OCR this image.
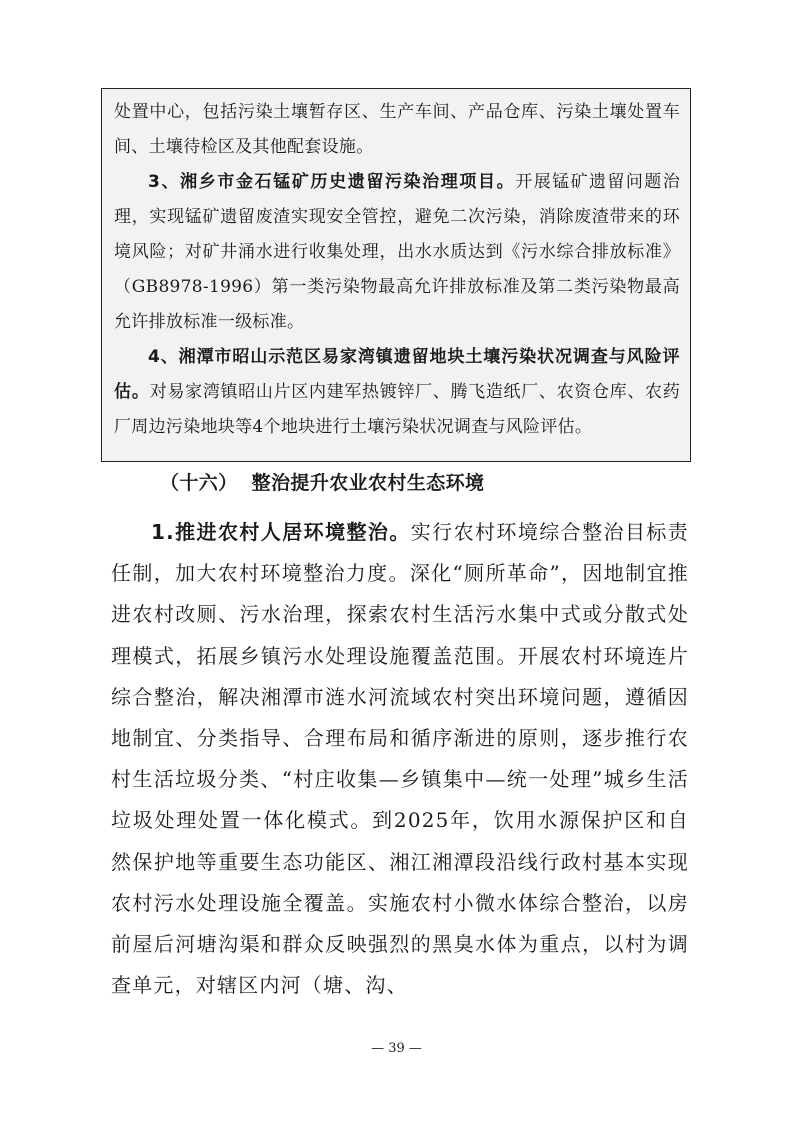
处置中心，包括污染土壤暂存区、生产车间、产品仓库、污染土壤处置车间、土壤待检区及其他配套设施。

3、湘乡市金石锰矿历史遗留污染治理项目。开展锰矿遗留问题治理，实现锰矿遗留废渣实现安全管控，避免二次污染，消除废渣带来的环境风险；对矿井涌水进行收集处理，出水水质达到《污水综合排放标准》（GB8978-1996）第一类污染物最高允许排放标准及第二类污染物最高允许排放标准一级标准。

4、湘潭市昭山示范区易家湾镇遗留地块土壤污染状况调查与风险评估。对易家湾镇昭山片区内建军热镀锌厂、腾飞造纸厂、农资仓库、农药厂周边污染地块等4个地块进行土壤污染状况调查与风险评估。

（十六）  整治提升农业农村生态环境

1.推进农村人居环境整治。实行农村环境综合整治目标责任制，加大农村环境整治力度。深化“厕所革命”，因地制宜推进农村改厕、污水治理，探索农村生活污水集中式或分散式处理模式，拓展乡镇污水处理设施覆盖范围。开展农村环境连片综合整治，解决湘潭市涟水河流域农村突出环境问题，遵循因地制宜、分类指导、合理布局和循序渐进的原则，逐步推行农村生活垃圾分类、“村庄收集—乡镇集中—统一处理”城乡生活垃圾处理处置一体化模式。到2025年，饮用水源保护区和自然保护地等重要生态功能区、湘江湘潭段沿线行政村基本实现农村污水处理设施全覆盖。实施农村小微水体综合整治，以房前屋后河塘沟渠和群众反映强烈的黑臭水体为重点，以村为调查单元，对辖区内河（塘、沟、

— 39 —
